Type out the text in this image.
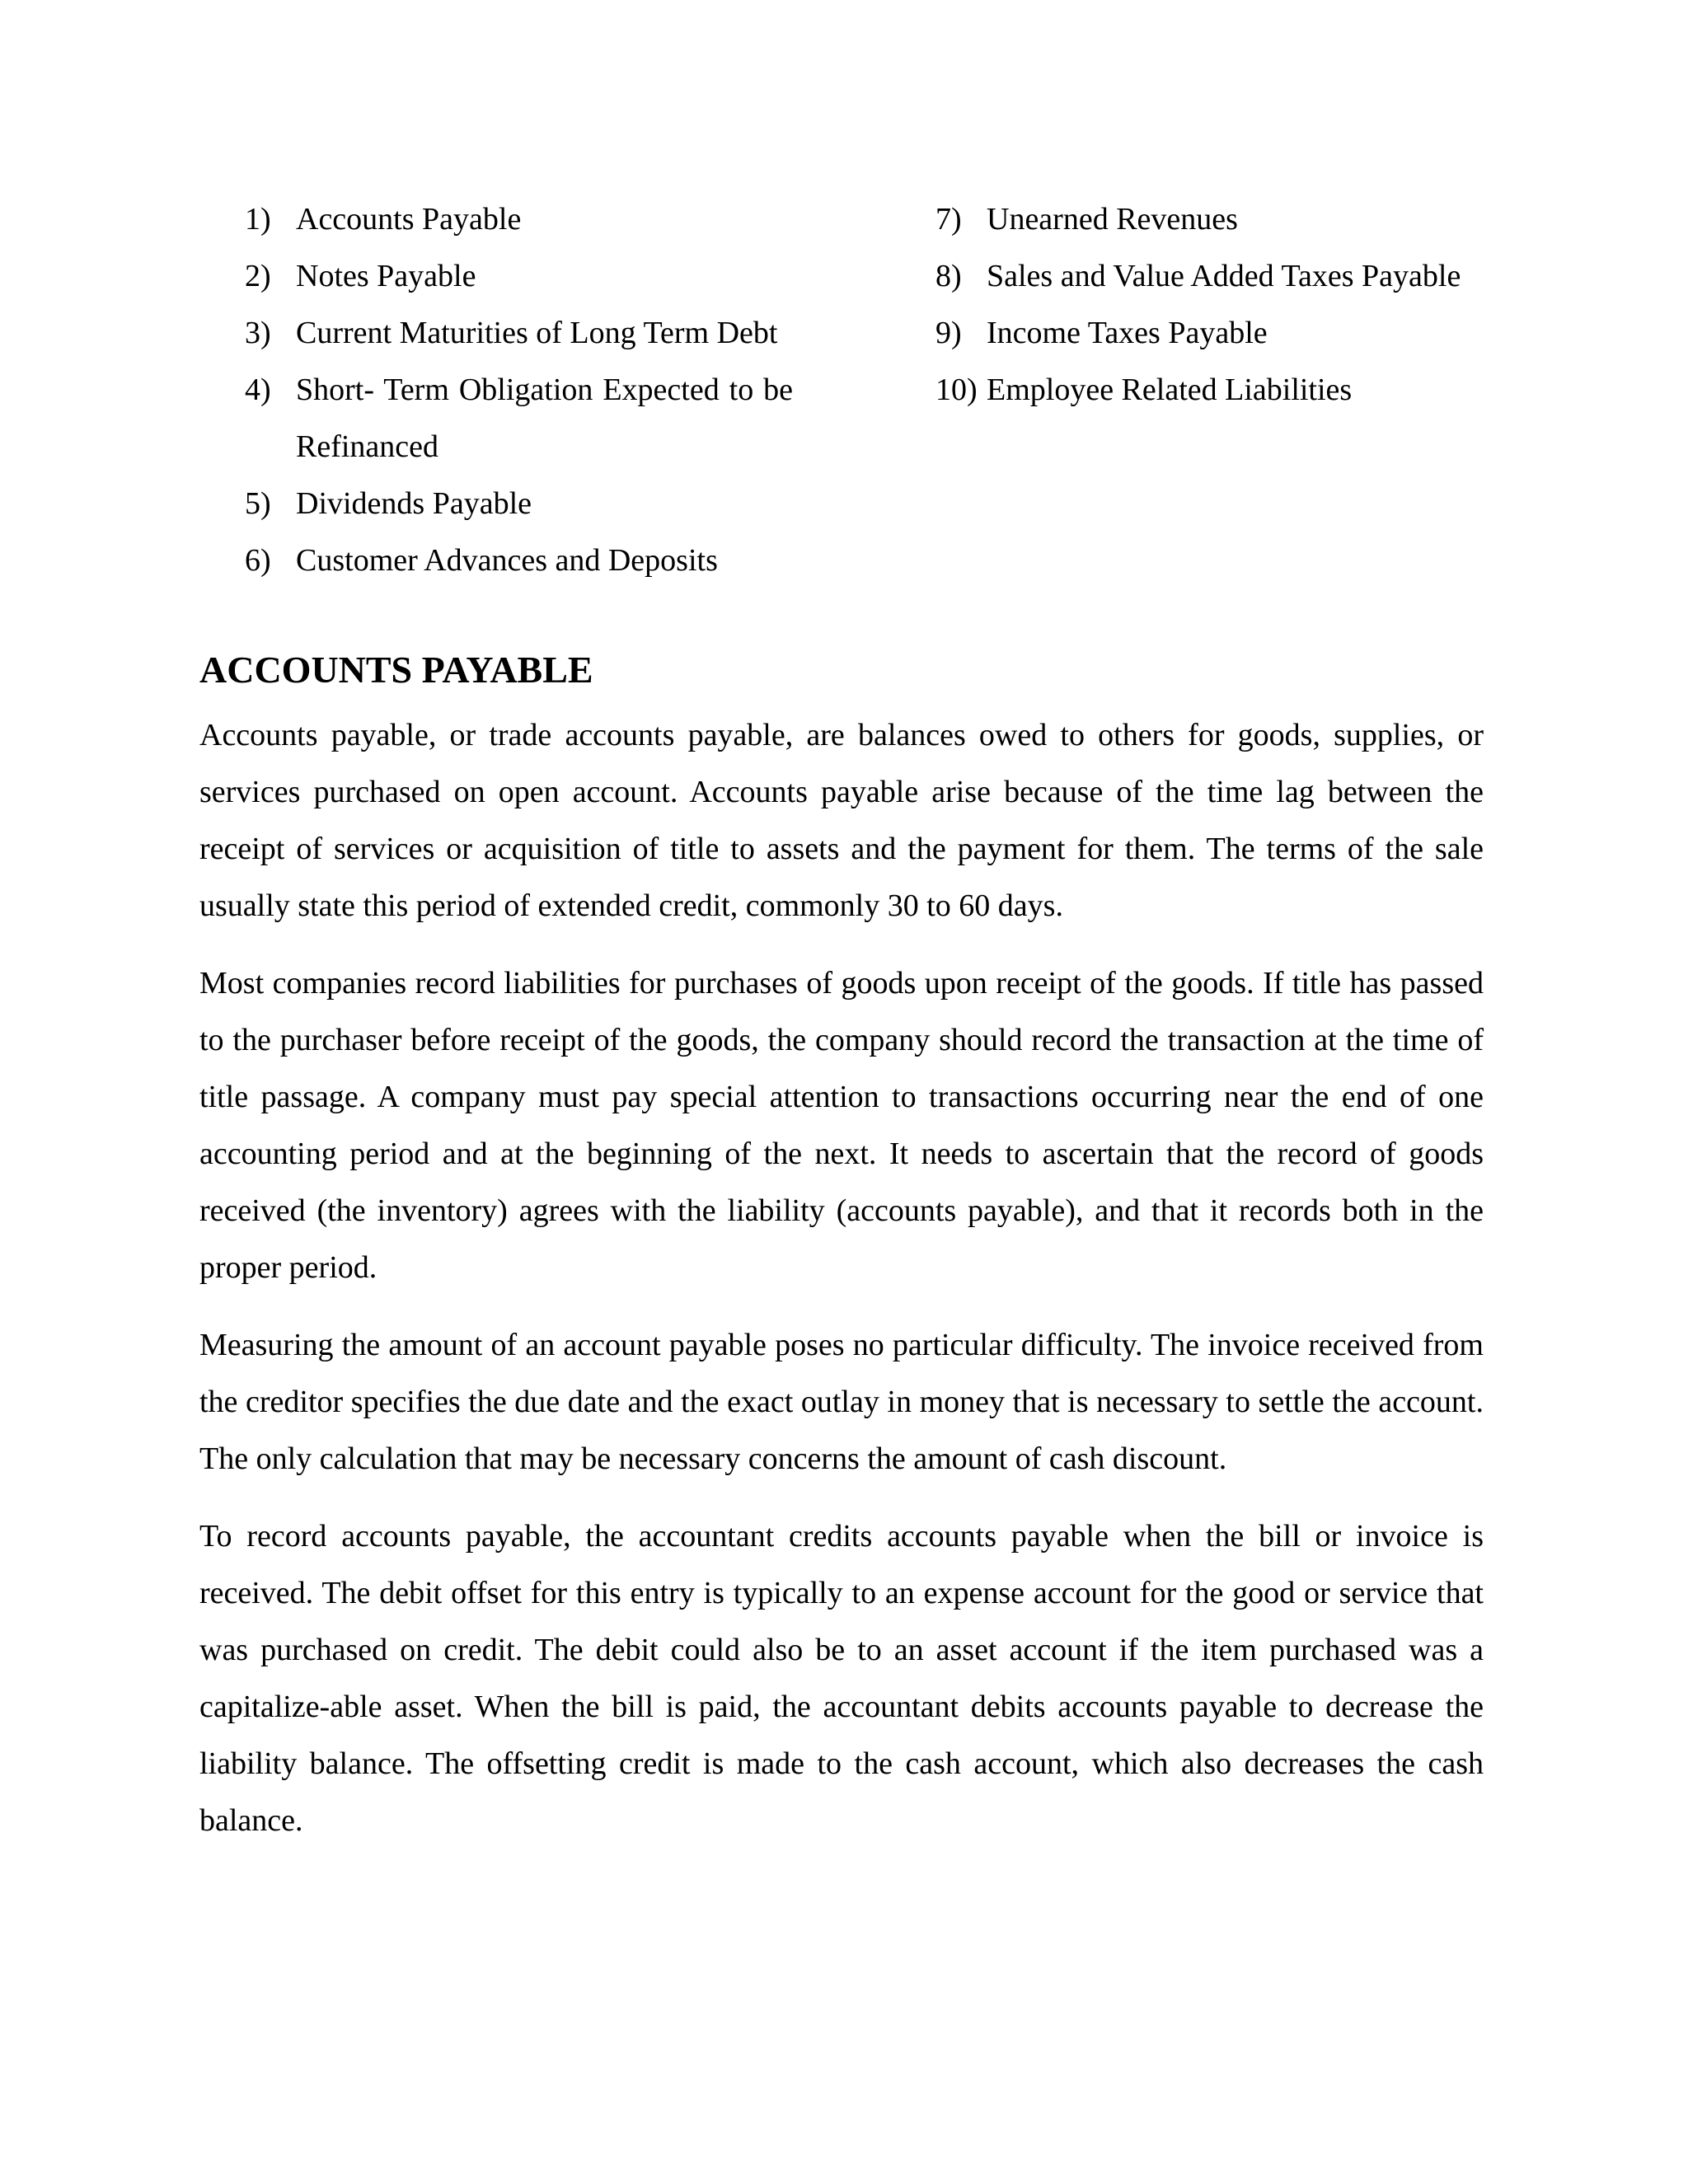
1) Accounts Payable
2) Notes Payable
3) Current Maturities of Long Term Debt
4) Short- Term Obligation Expected to be Refinanced
5) Dividends Payable
6) Customer Advances and Deposits
7) Unearned Revenues
8) Sales and Value Added Taxes Payable
9) Income Taxes Payable
10) Employee Related Liabilities
ACCOUNTS PAYABLE

Accounts payable, or trade accounts payable, are balances owed to others for goods, supplies, or services purchased on open account. Accounts payable arise because of the time lag between the receipt of services or acquisition of title to assets and the payment for them. The terms of the sale usually state this period of extended credit, commonly 30 to 60 days.

Most companies record liabilities for purchases of goods upon receipt of the goods. If title has passed to the purchaser before receipt of the goods, the company should record the transaction at the time of title passage. A company must pay special attention to transactions occurring near the end of one accounting period and at the beginning of the next. It needs to ascertain that the record of goods received (the inventory) agrees with the liability (accounts payable), and that it records both in the proper period.

Measuring the amount of an account payable poses no particular difficulty. The invoice received from the creditor specifies the due date and the exact outlay in money that is necessary to settle the account. The only calculation that may be necessary concerns the amount of cash discount.

To record accounts payable, the accountant credits accounts payable when the bill or invoice is received. The debit offset for this entry is typically to an expense account for the good or service that was purchased on credit. The debit could also be to an asset account if the item purchased was a capitalize-able asset. When the bill is paid, the accountant debits accounts payable to decrease the liability balance. The offsetting credit is made to the cash account, which also decreases the cash balance.
